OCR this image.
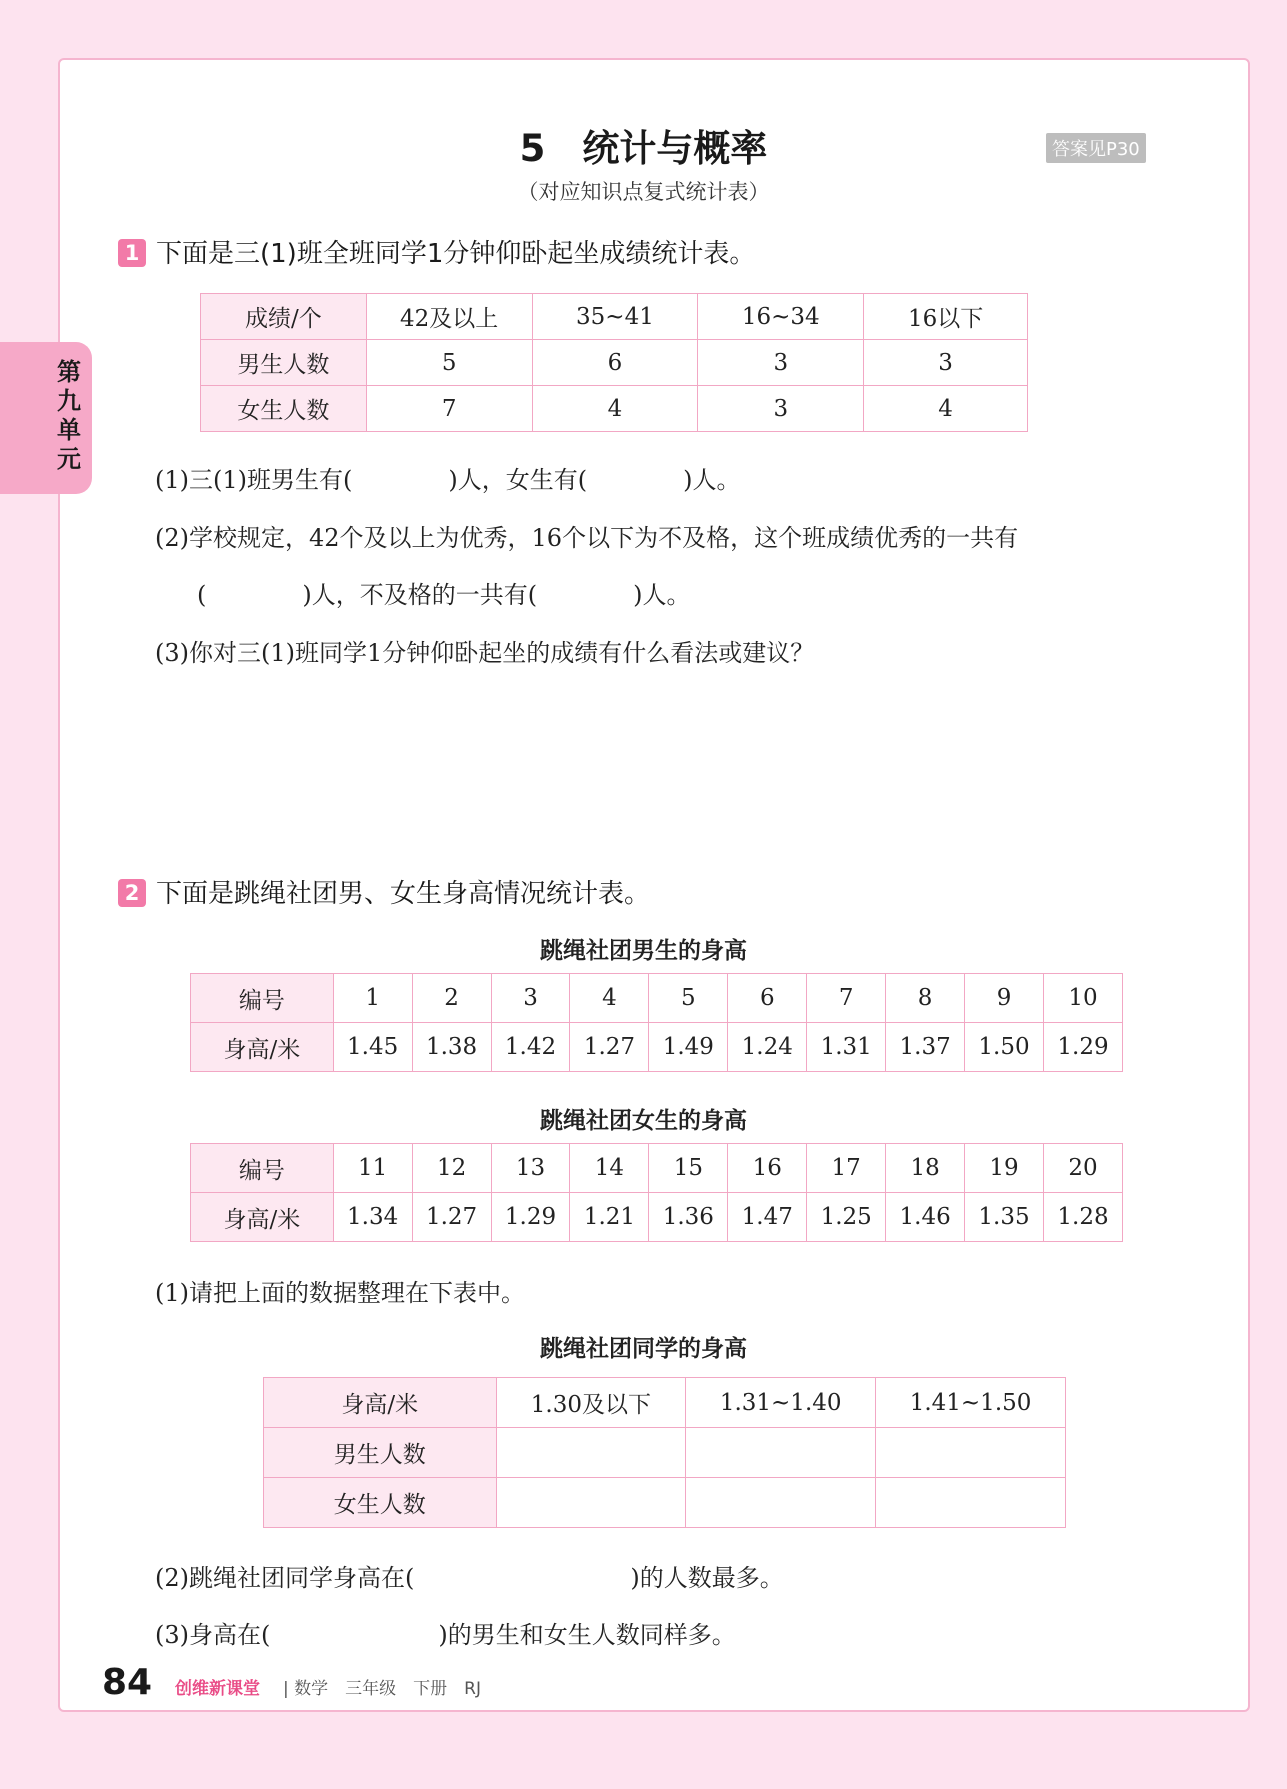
第九单元
5　统计与概率
（对应知识点复式统计表）
答案见P30
1 下面是三(1)班全班同学1分钟仰卧起坐成绩统计表。
成绩/个	42及以上	35~41	16~34	16以下
男生人数	5	6	3	3
女生人数	7	4	3	4
(1)三(1)班男生有(　　　　)人，女生有(　　　　)人。
(2)学校规定，42个及以上为优秀，16个以下为不及格，这个班成绩优秀的一共有
(　　　　)人，不及格的一共有(　　　　)人。
(3)你对三(1)班同学1分钟仰卧起坐的成绩有什么看法或建议？
2 下面是跳绳社团男、女生身高情况统计表。
跳绳社团男生的身高
编号	1	2	3	4	5	6	7	8	9	10
身高/米	1.45	1.38	1.42	1.27	1.49	1.24	1.31	1.37	1.50	1.29
跳绳社团女生的身高
编号	11	12	13	14	15	16	17	18	19	20
身高/米	1.34	1.27	1.29	1.21	1.36	1.47	1.25	1.46	1.35	1.28
(1)请把上面的数据整理在下表中。
跳绳社团同学的身高
身高/米	1.30及以下	1.31~1.40	1.41~1.50
男生人数			
女生人数			
(2)跳绳社团同学身高在(　　　　　　　　　)的人数最多。
(3)身高在(　　　　　　　)的男生和女生人数同样多。
84 创维新课堂 | 数学　三年级　下册　RJ
